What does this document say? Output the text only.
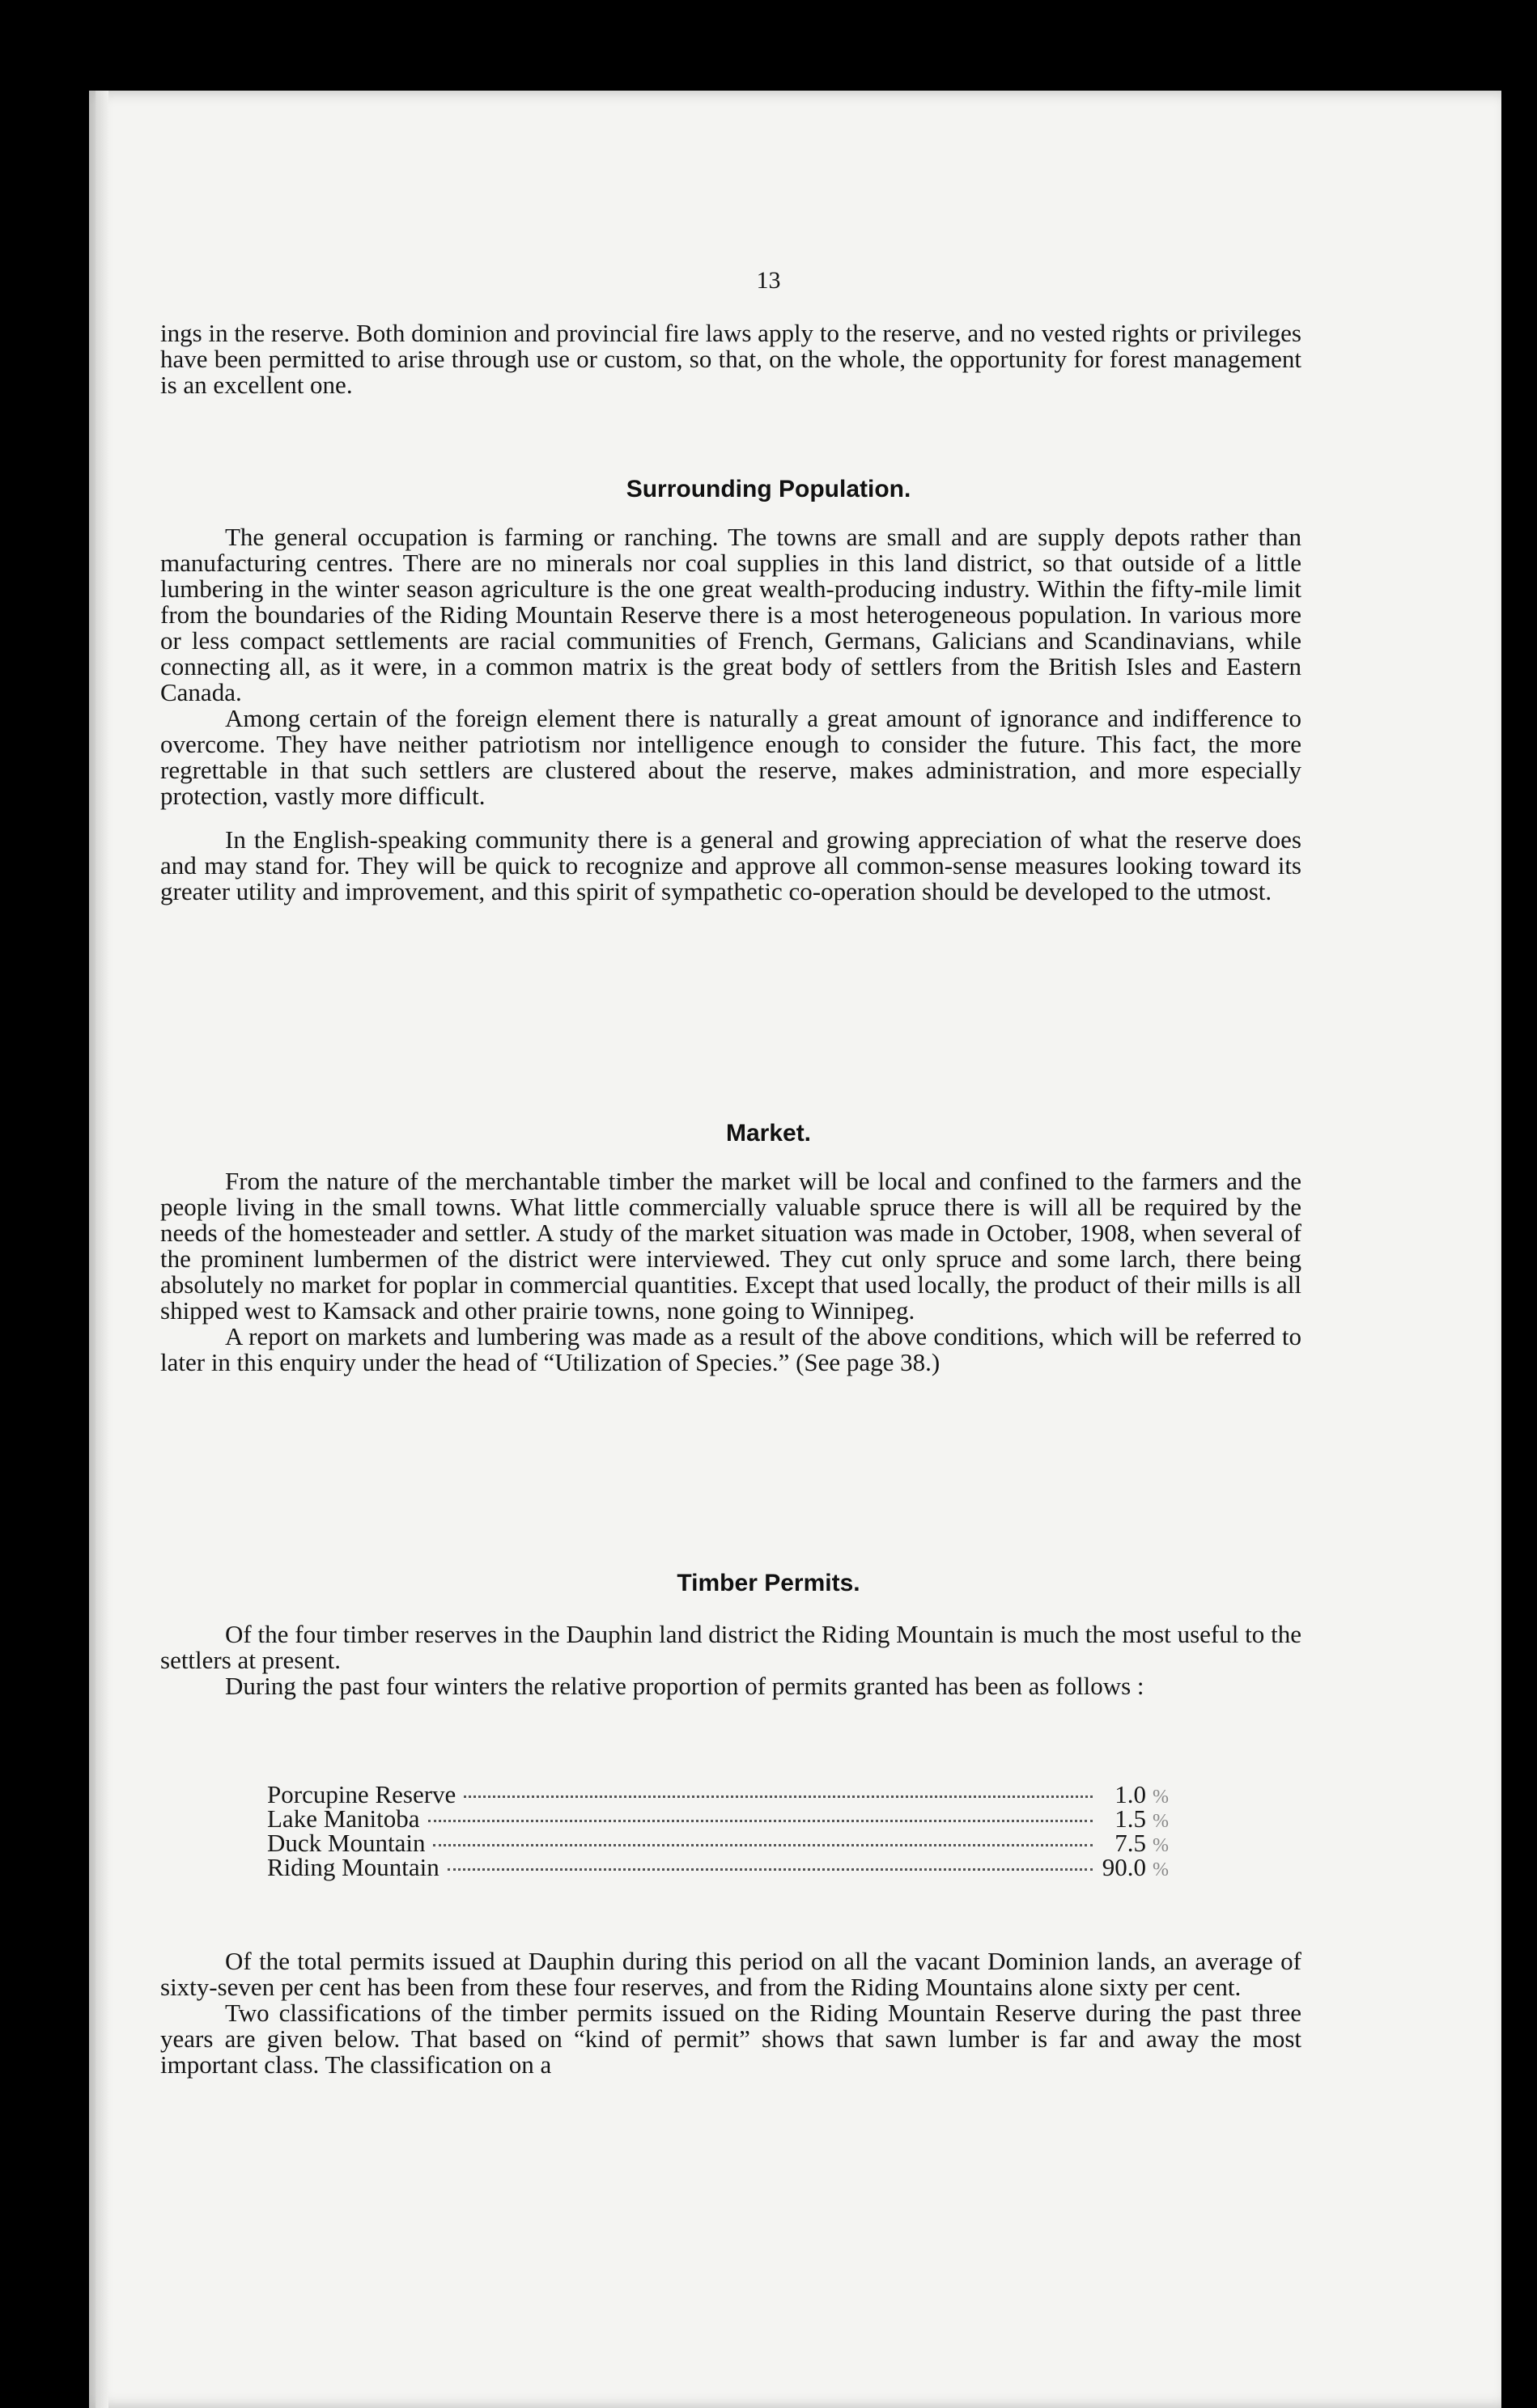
13

ings in the reserve. Both dominion and provincial fire laws apply to the reserve, and no vested rights or privileges have been permitted to arise through use or custom, so that, on the whole, the opportunity for forest management is an excellent one.

Surrounding Population.

The general occupation is farming or ranching. The towns are small and are supply depots rather than manufacturing centres. There are no minerals nor coal supplies in this land district, so that outside of a little lumbering in the winter season agriculture is the one great wealth-producing industry. Within the fifty-mile limit from the boundaries of the Riding Mountain Reserve there is a most heterogeneous population. In various more or less compact settlements are racial communities of French, Germans, Galicians and Scandinavians, while connecting all, as it were, in a common matrix is the great body of settlers from the British Isles and Eastern Canada.

Among certain of the foreign element there is naturally a great amount of ignorance and indifference to overcome. They have neither patriotism nor intelligence enough to consider the future. This fact, the more regrettable in that such settlers are clustered about the reserve, makes administration, and more especially protection, vastly more difficult.

In the English-speaking community there is a general and growing appreciation of what the reserve does and may stand for. They will be quick to recognize and approve all common-sense measures looking toward its greater utility and improvement, and this spirit of sympathetic co-operation should be developed to the utmost.

Market.

From the nature of the merchantable timber the market will be local and confined to the farmers and the people living in the small towns. What little commercially valuable spruce there is will all be required by the needs of the homesteader and settler. A study of the market situation was made in October, 1908, when several of the prominent lumbermen of the district were interviewed. They cut only spruce and some larch, there being absolutely no market for poplar in commercial quantities. Except that used locally, the product of their mills is all shipped west to Kamsack and other prairie towns, none going to Winnipeg.

A report on markets and lumbering was made as a result of the above conditions, which will be referred to later in this enquiry under the head of “Utilization of Species.” (See page 38.)

Timber Permits.

Of the four timber reserves in the Dauphin land district the Riding Mountain is much the most useful to the settlers at present.

During the past four winters the relative proportion of permits granted has been as follows :

Porcupine Reserve	1.0 %
Lake Manitoba	1.5 %
Duck Mountain	7.5 %
Riding Mountain	90.0 %

Of the total permits issued at Dauphin during this period on all the vacant Dominion lands, an average of sixty-seven per cent has been from these four reserves, and from the Riding Mountains alone sixty per cent.

Two classifications of the timber permits issued on the Riding Mountain Reserve during the past three years are given below. That based on “kind of permit” shows that sawn lumber is far and away the most important class. The classification on a
